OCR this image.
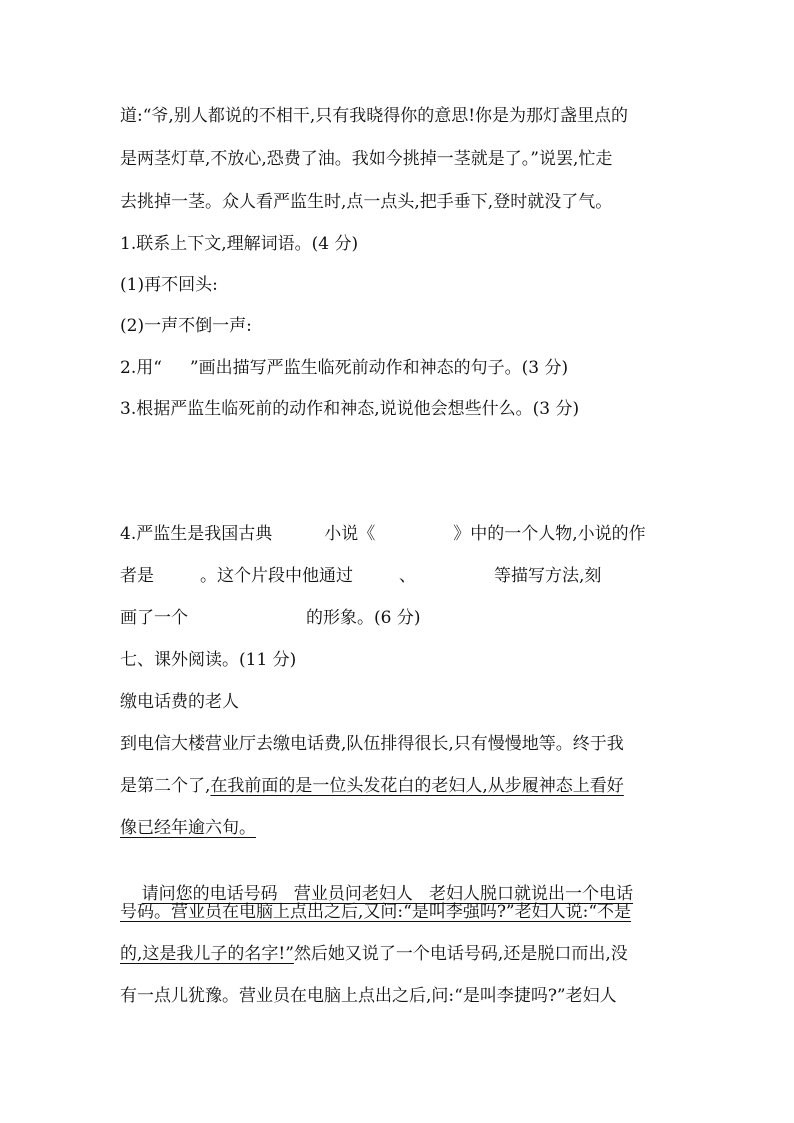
道:“爷,别人都说的不相干,只有我晓得你的意思!你是为那灯盏里点的
是两茎灯草,不放心,恐费了油。我如今挑掉一茎就是了。”说罢,忙走
去挑掉一茎。众人看严监生时,点一点头,把手垂下,登时就没了气。
1.联系上下文,理解词语。(4 分)
(1)再不回头:
(2)一声不倒一声:
2.用“ ”画出描写严监生临死前动作和神态的句子。(3 分)
3.根据严监生临死前的动作和神态,说说他会想些什么。(3 分)
4.严监生是我国古典	小说《	》中的一个人物,小说的作
者是	。这个片段中他通过	、	等描写方法,刻
画了一个	的形象。(6 分)
七、课外阅读。(11 分)
缴电话费的老人
到电信大楼营业厅去缴电话费,队伍排得很长,只有慢慢地等。终于我
是第二个了,在我前面的是一位头发花白的老妇人,从步履神态上看好
像已经年逾六旬。

请问您的电话号码   营业员问老妇人   老妇人脱口就说出一个电话

号码。营业员在电脑上点出之后,又问:“是叫李强吗?”老妇人说:“不是
的,这是我儿子的名字!”然后她又说了一个电话号码,还是脱口而出,没
有一点儿犹豫。营业员在电脑上点出之后,问:“是叫李捷吗?”老妇人
